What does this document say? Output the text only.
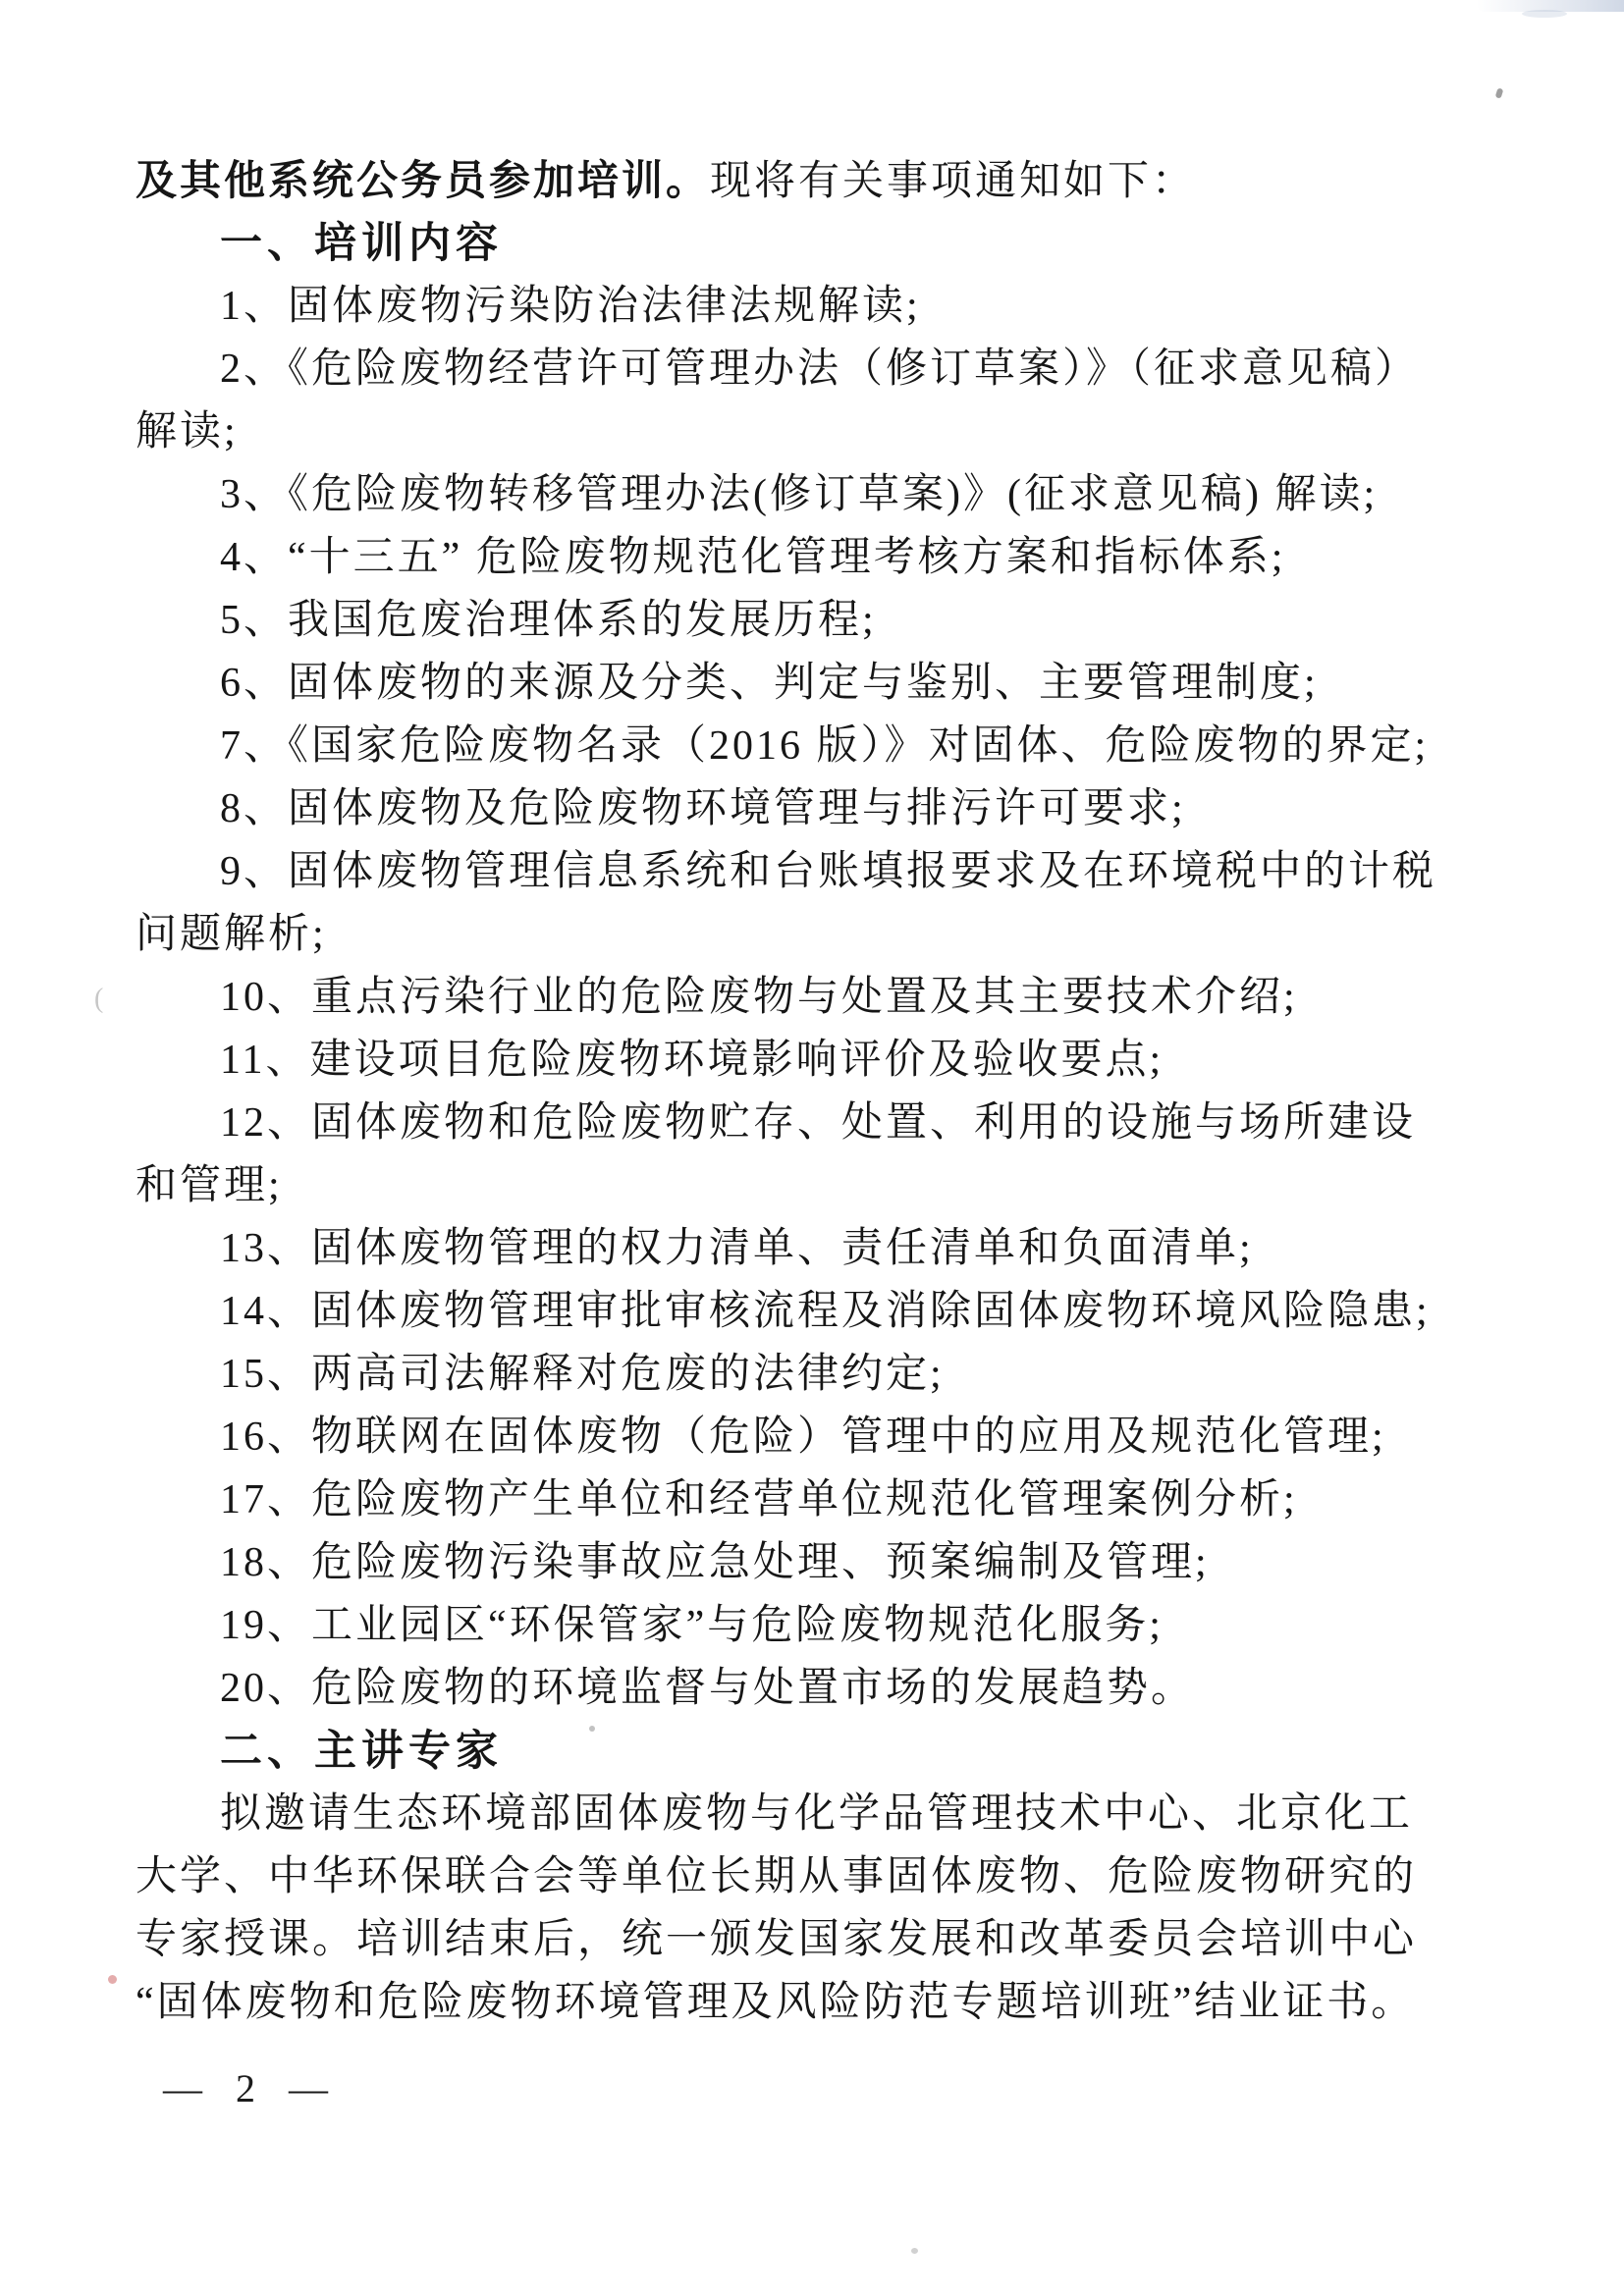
及其他系统公务员参加培训。现将有关事项通知如下：

一、培训内容

1、固体废物污染防治法律法规解读;

2、《危险废物经营许可管理办法（修订草案）》（征求意见稿）

解读;

3、《危险废物转移管理办法(修订草案)》(征求意见稿) 解读;

4、“十三五” 危险废物规范化管理考核方案和指标体系;

5、我国危废治理体系的发展历程;

6、固体废物的来源及分类、判定与鉴别、主要管理制度;

7、《国家危险废物名录（2016 版）》对固体、危险废物的界定;

8、固体废物及危险废物环境管理与排污许可要求;

9、固体废物管理信息系统和台账填报要求及在环境税中的计税

问题解析;

10、重点污染行业的危险废物与处置及其主要技术介绍;

11、建设项目危险废物环境影响评价及验收要点;

12、固体废物和危险废物贮存、处置、利用的设施与场所建设

和管理;

13、固体废物管理的权力清单、责任清单和负面清单;

14、固体废物管理审批审核流程及消除固体废物环境风险隐患;

15、两高司法解释对危废的法律约定;

16、物联网在固体废物（危险）管理中的应用及规范化管理;

17、危险废物产生单位和经营单位规范化管理案例分析;

18、危险废物污染事故应急处理、预案编制及管理;

19、工业园区“环保管家”与危险废物规范化服务;

20、危险废物的环境监督与处置市场的发展趋势。

二、主讲专家

拟邀请生态环境部固体废物与化学品管理技术中心、北京化工

大学、中华环保联合会等单位长期从事固体废物、危险废物研究的

专家授课。培训结束后，统一颁发国家发展和改革委员会培训中心

“固体废物和危险废物环境管理及风险防范专题培训班”结业证书。

— 2 —
(
